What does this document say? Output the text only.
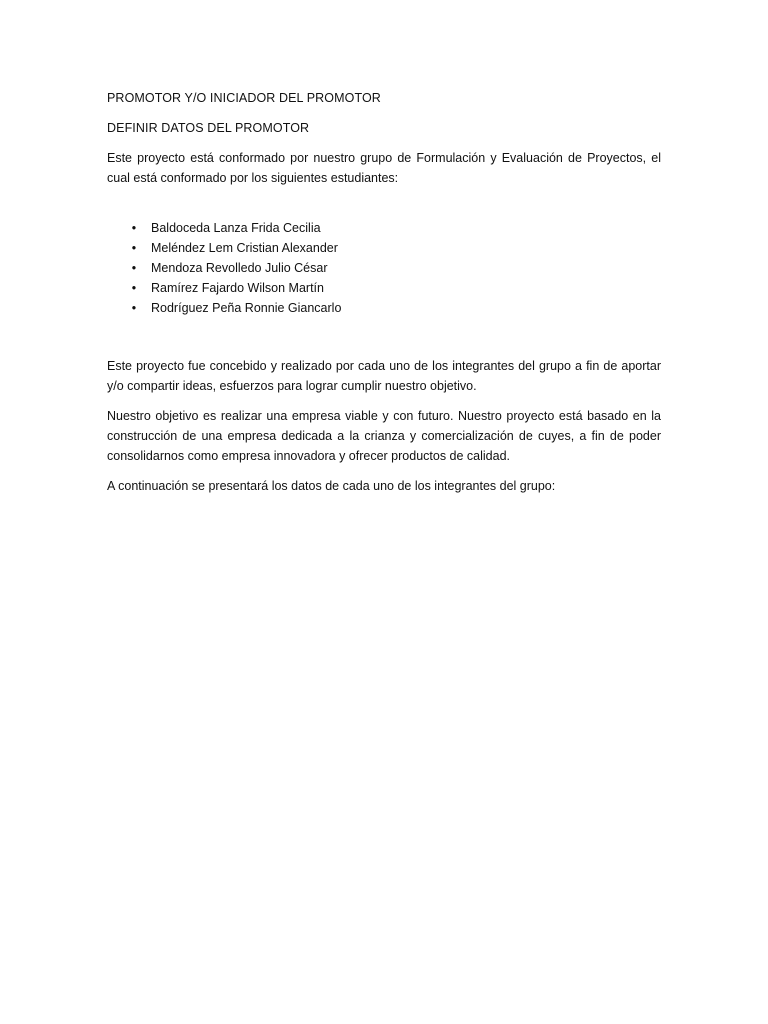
PROMOTOR Y/O INICIADOR DEL PROMOTOR
DEFINIR DATOS DEL PROMOTOR

Este proyecto está conformado por nuestro grupo de Formulación y Evaluación de Proyectos, el cual está conformado por los siguientes estudiantes:

• Baldoceda Lanza Frida Cecilia
• Meléndez Lem Cristian Alexander
• Mendoza Revolledo Julio César
• Ramírez Fajardo Wilson Martín
• Rodríguez Peña Ronnie Giancarlo

Este proyecto fue concebido y realizado por cada uno de los integrantes del grupo a fin de aportar y/o compartir ideas, esfuerzos para lograr cumplir nuestro objetivo.

Nuestro objetivo es realizar una empresa viable y con futuro. Nuestro proyecto está basado en la construcción de una empresa dedicada a la crianza y comercialización de cuyes, a fin de poder consolidarnos como empresa innovadora y ofrecer productos de calidad.

A continuación se presentará los datos de cada uno de los integrantes del grupo:
